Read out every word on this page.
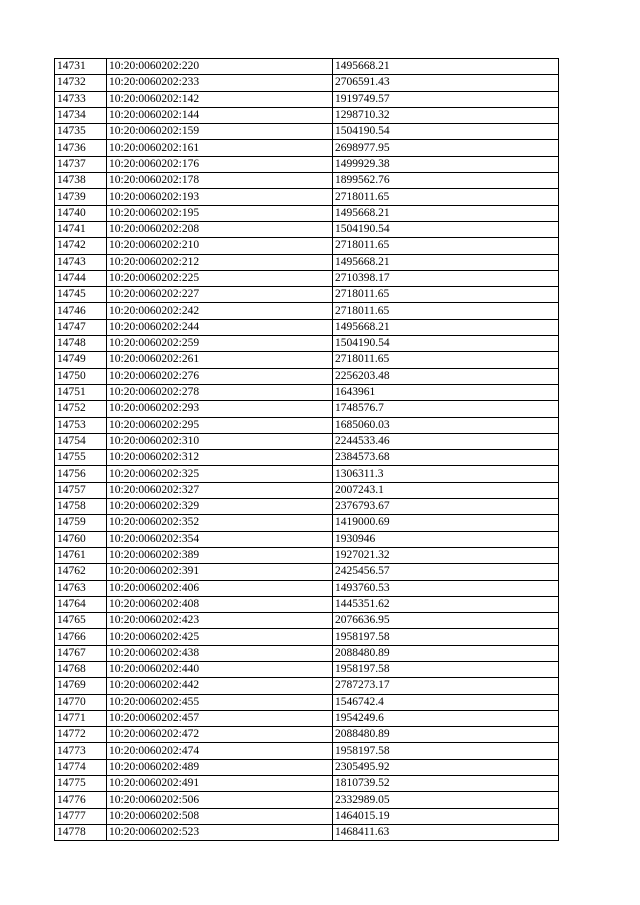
14731	10:20:0060202:220	1495668.21
14732	10:20:0060202:233	2706591.43
14733	10:20:0060202:142	1919749.57
14734	10:20:0060202:144	1298710.32
14735	10:20:0060202:159	1504190.54
14736	10:20:0060202:161	2698977.95
14737	10:20:0060202:176	1499929.38
14738	10:20:0060202:178	1899562.76
14739	10:20:0060202:193	2718011.65
14740	10:20:0060202:195	1495668.21
14741	10:20:0060202:208	1504190.54
14742	10:20:0060202:210	2718011.65
14743	10:20:0060202:212	1495668.21
14744	10:20:0060202:225	2710398.17
14745	10:20:0060202:227	2718011.65
14746	10:20:0060202:242	2718011.65
14747	10:20:0060202:244	1495668.21
14748	10:20:0060202:259	1504190.54
14749	10:20:0060202:261	2718011.65
14750	10:20:0060202:276	2256203.48
14751	10:20:0060202:278	1643961
14752	10:20:0060202:293	1748576.7
14753	10:20:0060202:295	1685060.03
14754	10:20:0060202:310	2244533.46
14755	10:20:0060202:312	2384573.68
14756	10:20:0060202:325	1306311.3
14757	10:20:0060202:327	2007243.1
14758	10:20:0060202:329	2376793.67
14759	10:20:0060202:352	1419000.69
14760	10:20:0060202:354	1930946
14761	10:20:0060202:389	1927021.32
14762	10:20:0060202:391	2425456.57
14763	10:20:0060202:406	1493760.53
14764	10:20:0060202:408	1445351.62
14765	10:20:0060202:423	2076636.95
14766	10:20:0060202:425	1958197.58
14767	10:20:0060202:438	2088480.89
14768	10:20:0060202:440	1958197.58
14769	10:20:0060202:442	2787273.17
14770	10:20:0060202:455	1546742.4
14771	10:20:0060202:457	1954249.6
14772	10:20:0060202:472	2088480.89
14773	10:20:0060202:474	1958197.58
14774	10:20:0060202:489	2305495.92
14775	10:20:0060202:491	1810739.52
14776	10:20:0060202:506	2332989.05
14777	10:20:0060202:508	1464015.19
14778	10:20:0060202:523	1468411.63
